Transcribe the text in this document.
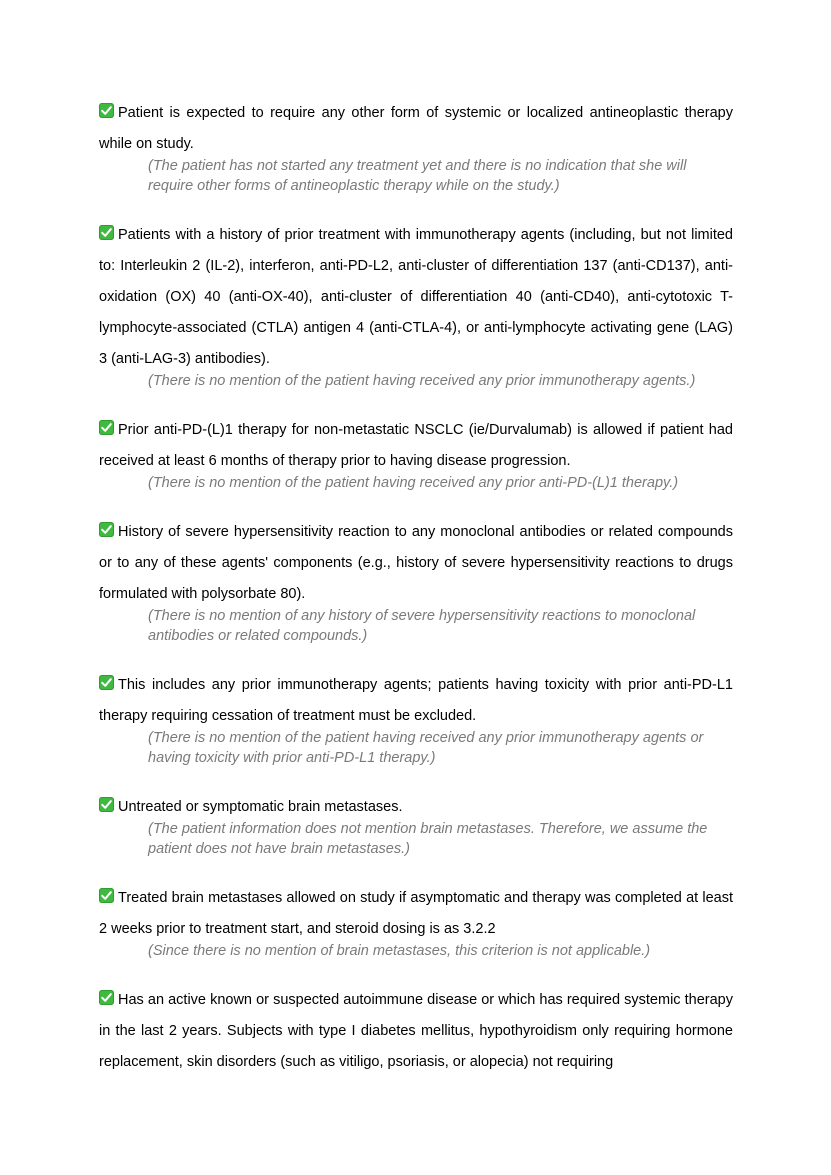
Patient is expected to require any other form of systemic or localized antineoplastic therapy while on study.

(The patient has not started any treatment yet and there is no indication that she will require other forms of antineoplastic therapy while on the study.)

Patients with a history of prior treatment with immunotherapy agents (including, but not limited to: Interleukin 2 (IL-2), interferon, anti-PD-L2, anti-cluster of differentiation 137 (anti-CD137), anti-oxidation (OX) 40 (anti-OX-40), anti-cluster of differentiation 40 (anti-CD40), anti-cytotoxic T-lymphocyte-associated (CTLA) antigen 4 (anti-CTLA-4), or anti-lymphocyte activating gene (LAG) 3 (anti-LAG-3) antibodies).

(There is no mention of the patient having received any prior immunotherapy agents.)

Prior anti-PD-(L)1 therapy for non-metastatic NSCLC (ie/Durvalumab) is allowed if patient had received at least 6 months of therapy prior to having disease progression.

(There is no mention of the patient having received any prior anti-PD-(L)1 therapy.)

History of severe hypersensitivity reaction to any monoclonal antibodies or related compounds or to any of these agents' components (e.g., history of severe hypersensitivity reactions to drugs formulated with polysorbate 80).

(There is no mention of any history of severe hypersensitivity reactions to monoclonal antibodies or related compounds.)

This includes any prior immunotherapy agents; patients having toxicity with prior anti-PD-L1 therapy requiring cessation of treatment must be excluded.

(There is no mention of the patient having received any prior immunotherapy agents or having toxicity with prior anti-PD-L1 therapy.)

Untreated or symptomatic brain metastases.

(The patient information does not mention brain metastases. Therefore, we assume the patient does not have brain metastases.)

Treated brain metastases allowed on study if asymptomatic and therapy was completed at least 2 weeks prior to treatment start, and steroid dosing is as 3.2.2

(Since there is no mention of brain metastases, this criterion is not applicable.)

Has an active known or suspected autoimmune disease or which has required systemic therapy in the last 2 years. Subjects with type I diabetes mellitus, hypothyroidism only requiring hormone replacement, skin disorders (such as vitiligo, psoriasis, or alopecia) not requiring
